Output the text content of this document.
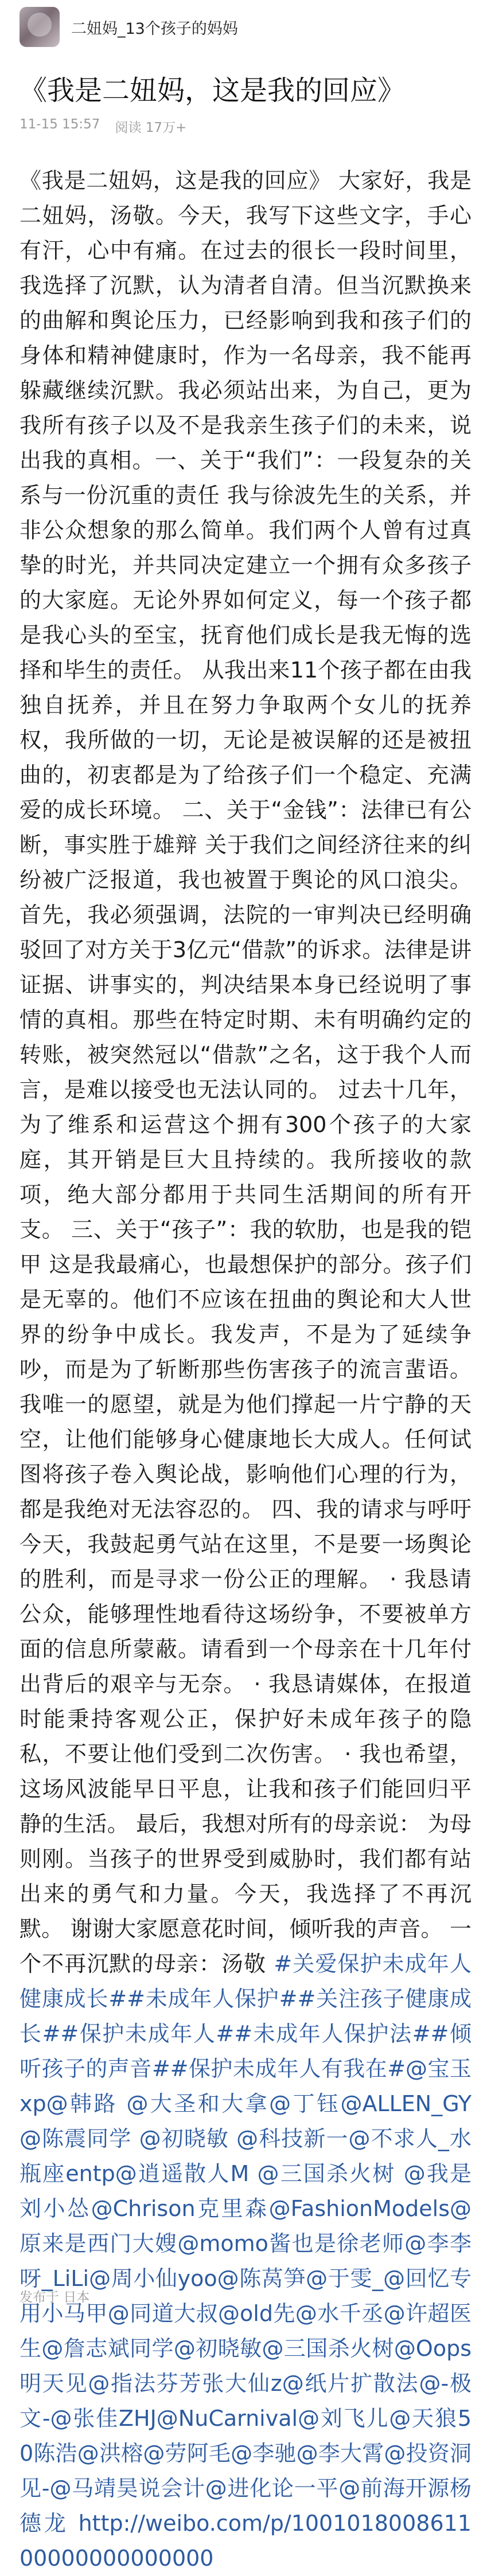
二妞妈_13个孩子的妈妈
《我是二妞妈，这是我的回应》
11-15 15:57 阅读 17万+
《我是二妞妈，这是我的回应》 大家好，我是二妞妈，汤敬。今天，我写下这些文字，手心有汗，心中有痛。在过去的很长一段时间里，我选择了沉默，认为清者自清。但当沉默换来的曲解和舆论压力，已经影响到我和孩子们的身体和精神健康时，作为一名母亲，我不能再躲藏继续沉默。我必须站出来，为自己，更为我所有孩子以及不是我亲生孩子们的未来，说出我的真相。一、关于“我们”：一段复杂的关系与一份沉重的责任 我与徐波先生的关系，并非公众想象的那么简单。我们两个人曾有过真挚的时光，并共同决定建立一个拥有众多孩子的大家庭。无论外界如何定义，每一个孩子都是我心头的至宝，抚育他们成长是我无悔的选择和毕生的责任。 从我出来11个孩子都在由我独自抚养，并且在努力争取两个女儿的抚养权，我所做的一切，无论是被误解的还是被扭曲的，初衷都是为了给孩子们一个稳定、充满爱的成长环境。 二、关于“金钱”：法律已有公断，事实胜于雄辩 关于我们之间经济往来的纠纷被广泛报道，我也被置于舆论的风口浪尖。 首先，我必须强调，法院的一审判决已经明确驳回了对方关于3亿元“借款”的诉求。法律是讲证据、讲事实的，判决结果本身已经说明了事情的真相。那些在特定时期、未有明确约定的转账，被突然冠以“借款”之名，这于我个人而言，是难以接受也无法认同的。 过去十几年，为了维系和运营这个拥有300个孩子的大家庭，其开销是巨大且持续的。我所接收的款项，绝大部分都用于共同生活期间的所有开支。 三、关于“孩子”：我的软肋，也是我的铠甲 这是我最痛心，也最想保护的部分。孩子们是无辜的。他们不应该在扭曲的舆论和大人世界的纷争中成长。我发声，不是为了延续争吵，而是为了斩断那些伤害孩子的流言蜚语。 我唯一的愿望，就是为他们撑起一片宁静的天空，让他们能够身心健康地长大成人。任何试图将孩子卷入舆论战，影响他们心理的行为，都是我绝对无法容忍的。 四、我的请求与呼吁 今天，我鼓起勇气站在这里，不是要一场舆论的胜利，而是寻求一份公正的理解。 · 我恳请公众，能够理性地看待这场纷争，不要被单方面的信息所蒙蔽。请看到一个母亲在十几年付出背后的艰辛与无奈。 · 我恳请媒体，在报道时能秉持客观公正，保护好未成年孩子的隐私，不要让他们受到二次伤害。 · 我也希望，这场风波能早日平息，让我和孩子们能回归平静的生活。 最后，我想对所有的母亲说： 为母则刚。当孩子的世界受到威胁时，我们都有站出来的勇气和力量。今天，我选择了不再沉默。 谢谢大家愿意花时间，倾听我的声音。 一个不再沉默的母亲：汤敬 #关爱保护未成年人健康成长##未成年人保护##关注孩子健康成长##保护未成年人##未成年人保护法##倾听孩子的声音##保护未成年人有我在#@宝玉xp@韩路 @大圣和大拿@丁钰@ALLEN_GY @陈震同学 @初晓敏 @科技新一@不求人_水瓶座entp@逍遥散人M @三国杀火树 @我是刘小怂@Chrison克里森@FashionModels@原来是西门大嫂@momo酱也是徐老师@李李呀_LiLi@周小仙yoo@陈莴笋@于雯_@回忆专用小马甲@同道大叔@old先@水千丞@许超医生@詹志斌同学@初晓敏@三国杀火树@Oops明天见@指法芬芳张大仙z@纸片扩散法@-极文-@张佳ZHJ@NuCarnival@刘飞儿@天狼50陈浩@洪榕@劳阿毛@李驰@李大霄@投资洞见-@马靖昊说会计@进化论一平@前海开源杨德龙 http://weibo.com/p/100101800861100000000000000
发布于 日本
